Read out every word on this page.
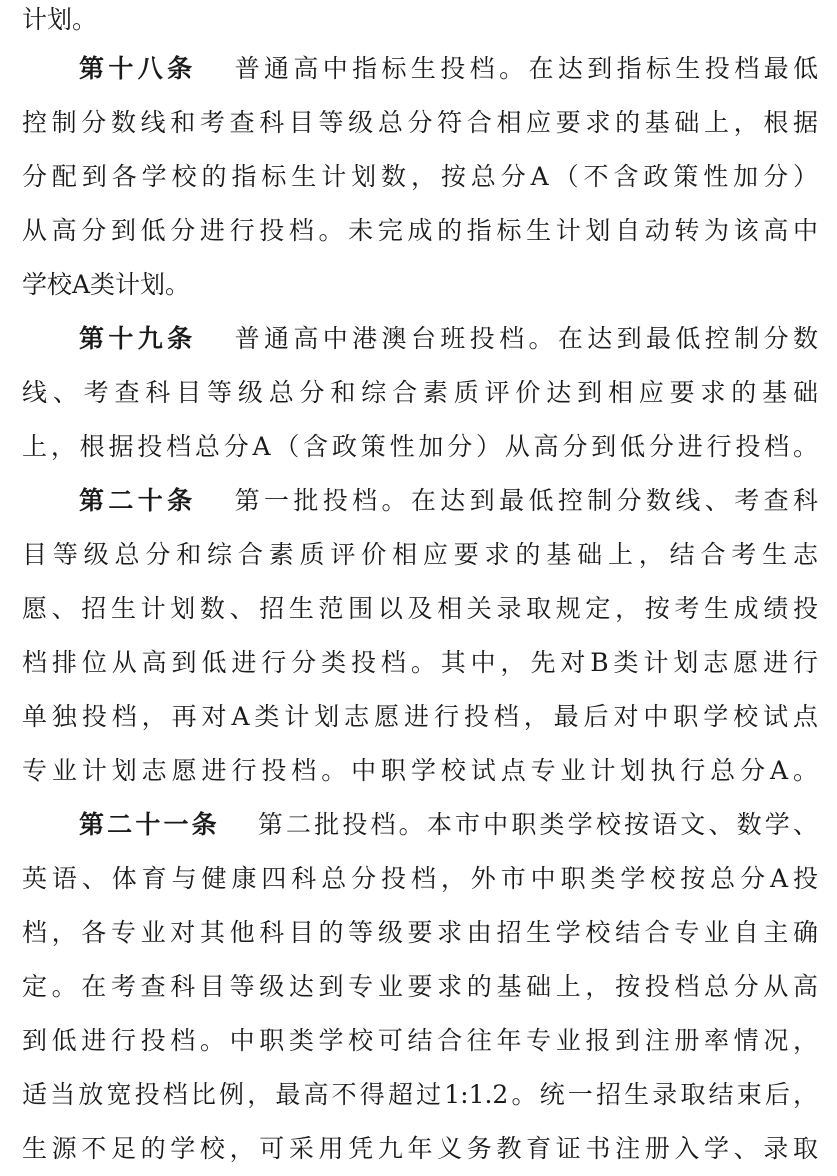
计划。
第十八条 普通高中指标生投档。在达到指标生投档最低
控制分数线和考查科目等级总分符合相应要求的基础上，根据
分配到各学校的指标生计划数，按总分A（不含政策性加分）
从高分到低分进行投档。未完成的指标生计划自动转为该高中
学校A类计划。
第十九条 普通高中港澳台班投档。在达到最低控制分数
线、考查科目等级总分和综合素质评价达到相应要求的基础
上，根据投档总分A（含政策性加分）从高分到低分进行投档。
第二十条 第一批投档。在达到最低控制分数线、考查科
目等级总分和综合素质评价相应要求的基础上，结合考生志
愿、招生计划数、招生范围以及相关录取规定，按考生成绩投
档排位从高到低进行分类投档。其中，先对B类计划志愿进行
单独投档，再对A类计划志愿进行投档，最后对中职学校试点
专业计划志愿进行投档。中职学校试点专业计划执行总分A。
第二十一条 第二批投档。本市中职类学校按语文、数学、
英语、体育与健康四科总分投档，外市中职类学校按总分A投
档，各专业对其他科目的等级要求由招生学校结合专业自主确
定。在考查科目等级达到专业要求的基础上，按投档总分从高
到低进行投档。中职类学校可结合往年专业报到注册率情况，
适当放宽投档比例，最高不得超过1:1.2。统一招生录取结束后，
生源不足的学校，可采用凭九年义务教育证书注册入学、录取
